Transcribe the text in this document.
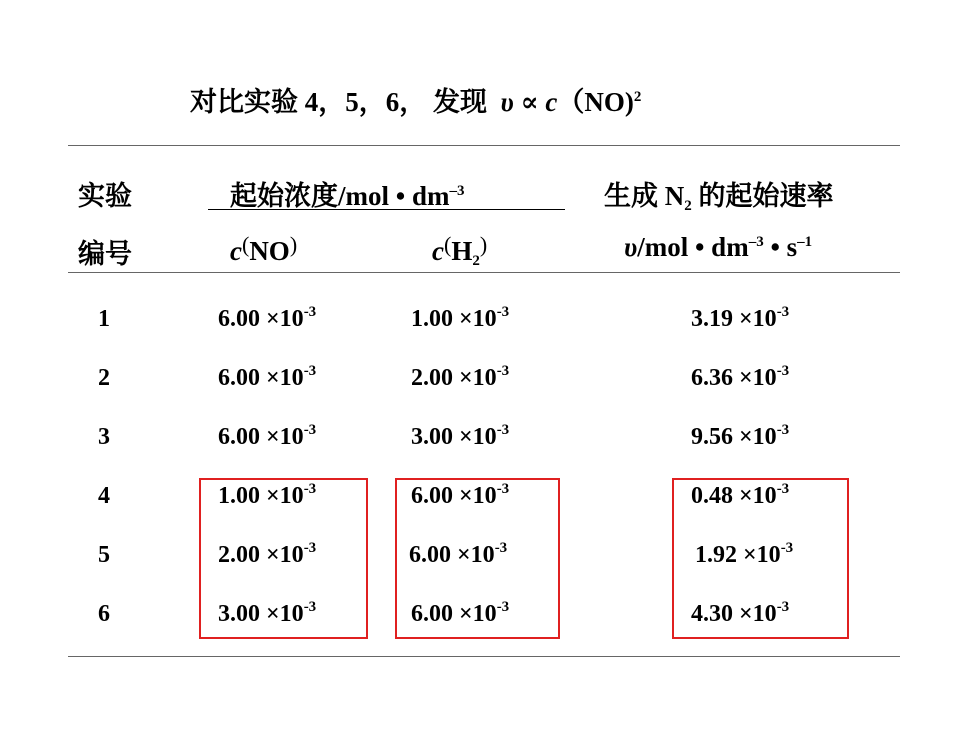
对比实验 4，5，6， 发现 υ ∝ c（NO)$^2$
实验	起始浓度/mol • $dm^{-3}$	生成 $N_2$ 的起始速率
编号	c(NO)	$c^(H_2^)$	υ/mol • $dm^{-3}$ • $s^{-1}$
1	$6.00 \times 10^{-3}$	$1.00 \times 10^{-3}$	$3.19 \times 10^{-3}$
2	$6.00 \times 10^{-3}$	$2.00 \times 10^{-3}$	$6.36 \times 10^{-3}$
3	$6.00 \times 10^{-3}$	$3.00 \times 10^{-3}$	$9.56 \times 10^{-3}$
4	$1.00 \times 10^{-3}$	$6.00 \times 10^{-3}$	$0.48 \times 10^{-3}$
5	$2.00 \times 10^{-3}$	$6.00 \times 10^{-3}$	$1.92 \times 10^{-3}$
6	$3.00 \times 10^{-3}$	$6.00 \times 10^{-3}$	$4.30 \times 10^{-3}$
